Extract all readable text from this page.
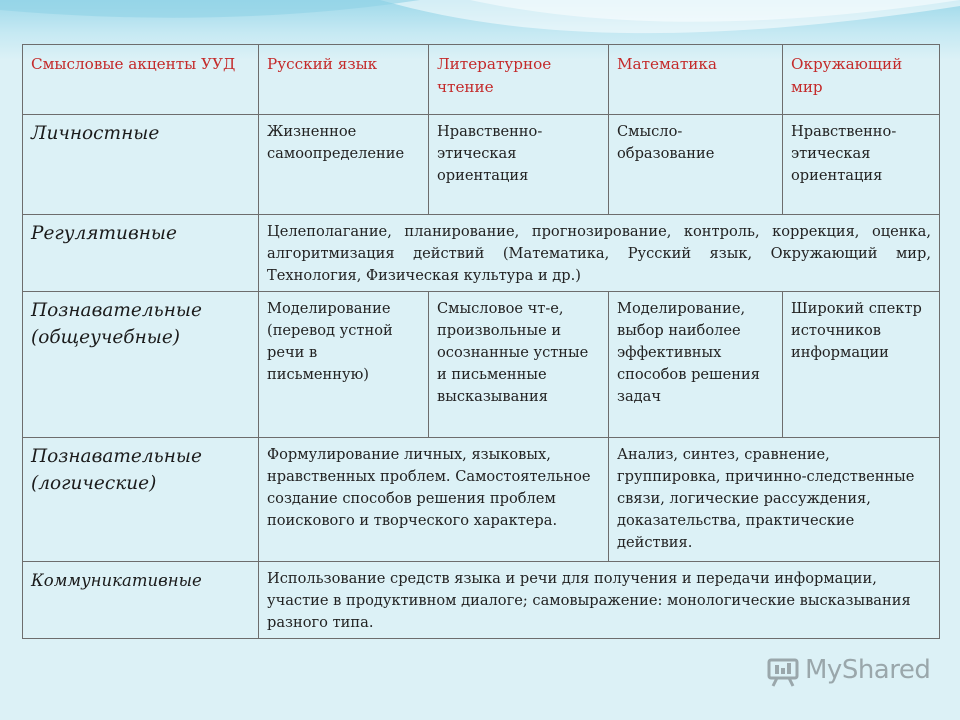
Смысловые акценты УУД	Русский язык	Литературное чтение	Математика	Окружающий мир
Личностные	Жизненное самоопределение	Нравственно-этическая ориентация	Смысло-образование	Нравственно-этическая ориентация
Регулятивные	Целеполагание, планирование, прогнозирование, контроль, коррекция, оценка, алгоритмизация действий (Математика, Русский язык, Окружающий мир, Технология, Физическая культура и др.)			
Познавательные (общеучебные)	Моделирование (перевод устной речи в письменную)	Смысловое чт-е, произвольные и осознанные устные и письменные высказывания	Моделирование, выбор наиболее эффективных способов решения задач	Широкий спектр источников информации
Познавательные (логические)	Формулирование личных, языковых, нравственных проблем. Самостоятельное создание способов решения проблем поискового и творческого характера.		Анализ, синтез, сравнение, группировка, причинно-следственные связи, логические рассуждения, доказательства, практические действия.	
Коммуникативные	Использование средств языка и речи для получения и передачи информации, участие в продуктивном диалоге; самовыражение: монологические высказывания разного типа.			
MyShared
